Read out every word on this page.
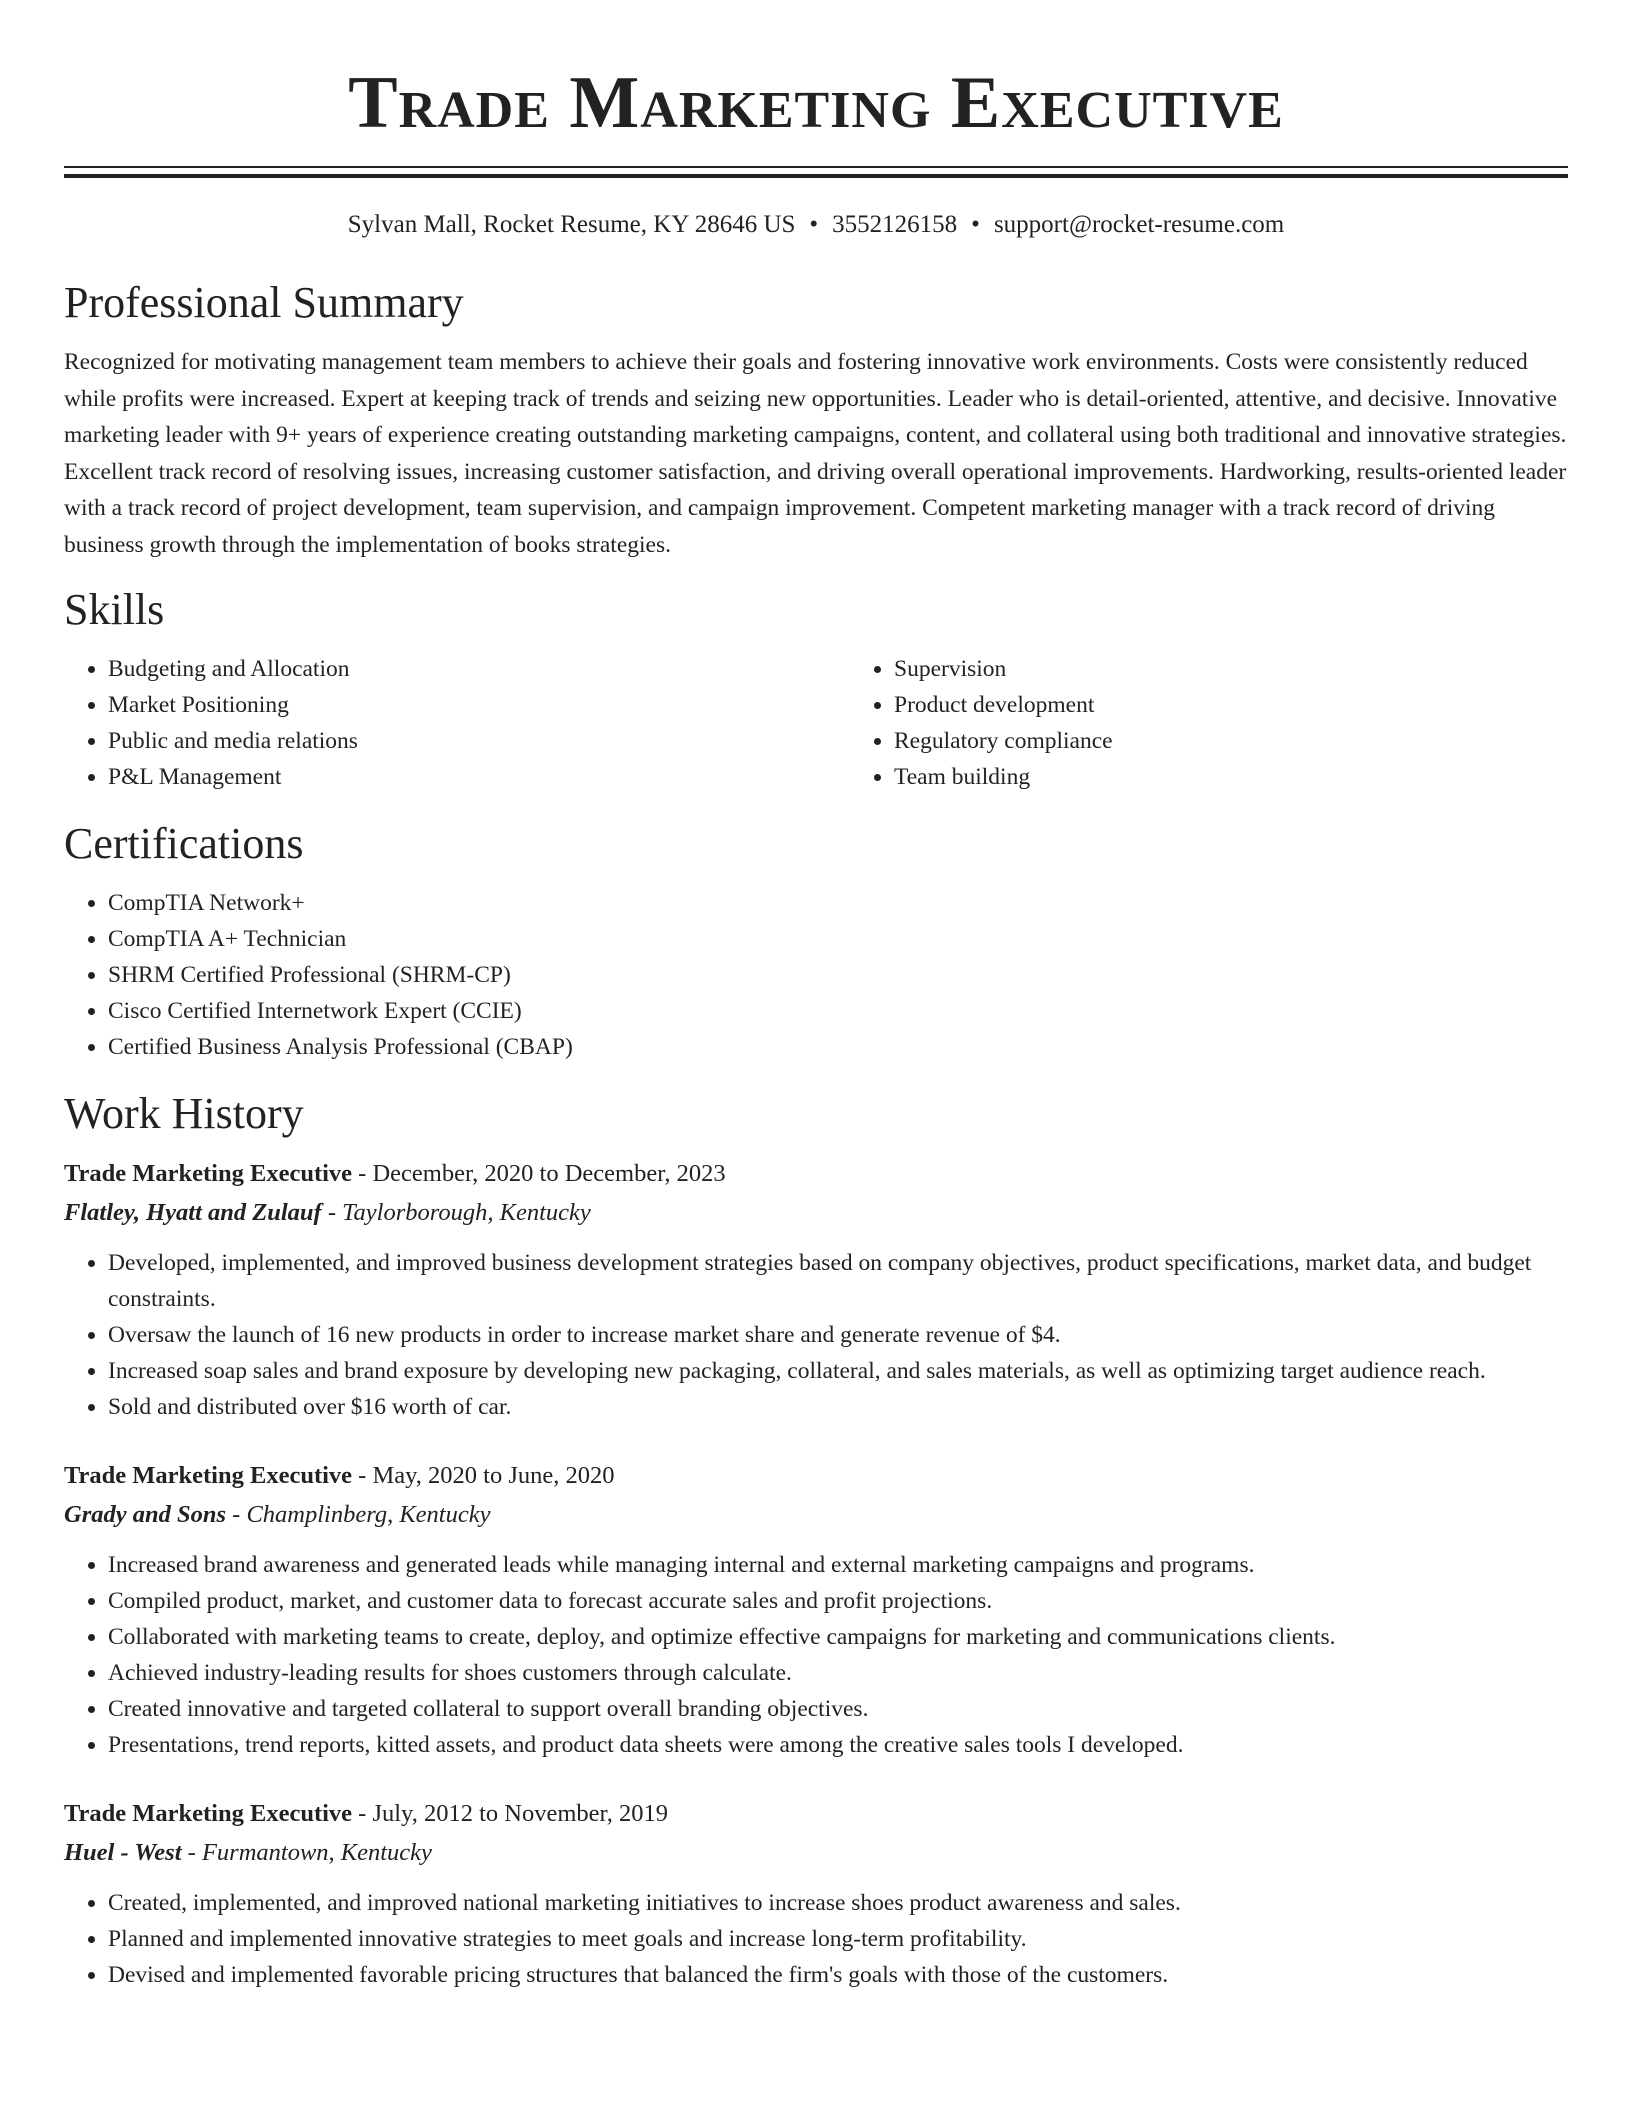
Trade Marketing Executive
Sylvan Mall, Rocket Resume, KY 28646 US • 3552126158 • support@rocket-resume.com
Professional Summary

Recognized for motivating management team members to achieve their goals and fostering innovative work environments. Costs were consistently reduced while profits were increased. Expert at keeping track of trends and seizing new opportunities. Leader who is detail-oriented, attentive, and decisive. Innovative marketing leader with 9+ years of experience creating outstanding marketing campaigns, content, and collateral using both traditional and innovative strategies. Excellent track record of resolving issues, increasing customer satisfaction, and driving overall operational improvements. Hardworking, results-oriented leader with a track record of project development, team supervision, and campaign improvement. Competent marketing manager with a track record of driving business growth through the implementation of books strategies.

Skills
• Budgeting and Allocation
• Market Positioning
• Public and media relations
• P&L Management
• Supervision
• Product development
• Regulatory compliance
• Team building
Certifications
• CompTIA Network+
• CompTIA A+ Technician
• SHRM Certified Professional (SHRM-CP)
• Cisco Certified Internetwork Expert (CCIE)
• Certified Business Analysis Professional (CBAP)
Work History
Trade Marketing Executive - December, 2020 to December, 2023
Flatley, Hyatt and Zulauf - Taylorborough, Kentucky
• Developed, implemented, and improved business development strategies based on company objectives, product specifications, market data, and budget constraints.
• Oversaw the launch of 16 new products in order to increase market share and generate revenue of $4.
• Increased soap sales and brand exposure by developing new packaging, collateral, and sales materials, as well as optimizing target audience reach.
• Sold and distributed over $16 worth of car.
Trade Marketing Executive - May, 2020 to June, 2020
Grady and Sons - Champlinberg, Kentucky
• Increased brand awareness and generated leads while managing internal and external marketing campaigns and programs.
• Compiled product, market, and customer data to forecast accurate sales and profit projections.
• Collaborated with marketing teams to create, deploy, and optimize effective campaigns for marketing and communications clients.
• Achieved industry-leading results for shoes customers through calculate.
• Created innovative and targeted collateral to support overall branding objectives.
• Presentations, trend reports, kitted assets, and product data sheets were among the creative sales tools I developed.
Trade Marketing Executive - July, 2012 to November, 2019
Huel - West - Furmantown, Kentucky
• Created, implemented, and improved national marketing initiatives to increase shoes product awareness and sales.
• Planned and implemented innovative strategies to meet goals and increase long-term profitability.
• Devised and implemented favorable pricing structures that balanced the firm's goals with those of the customers.
